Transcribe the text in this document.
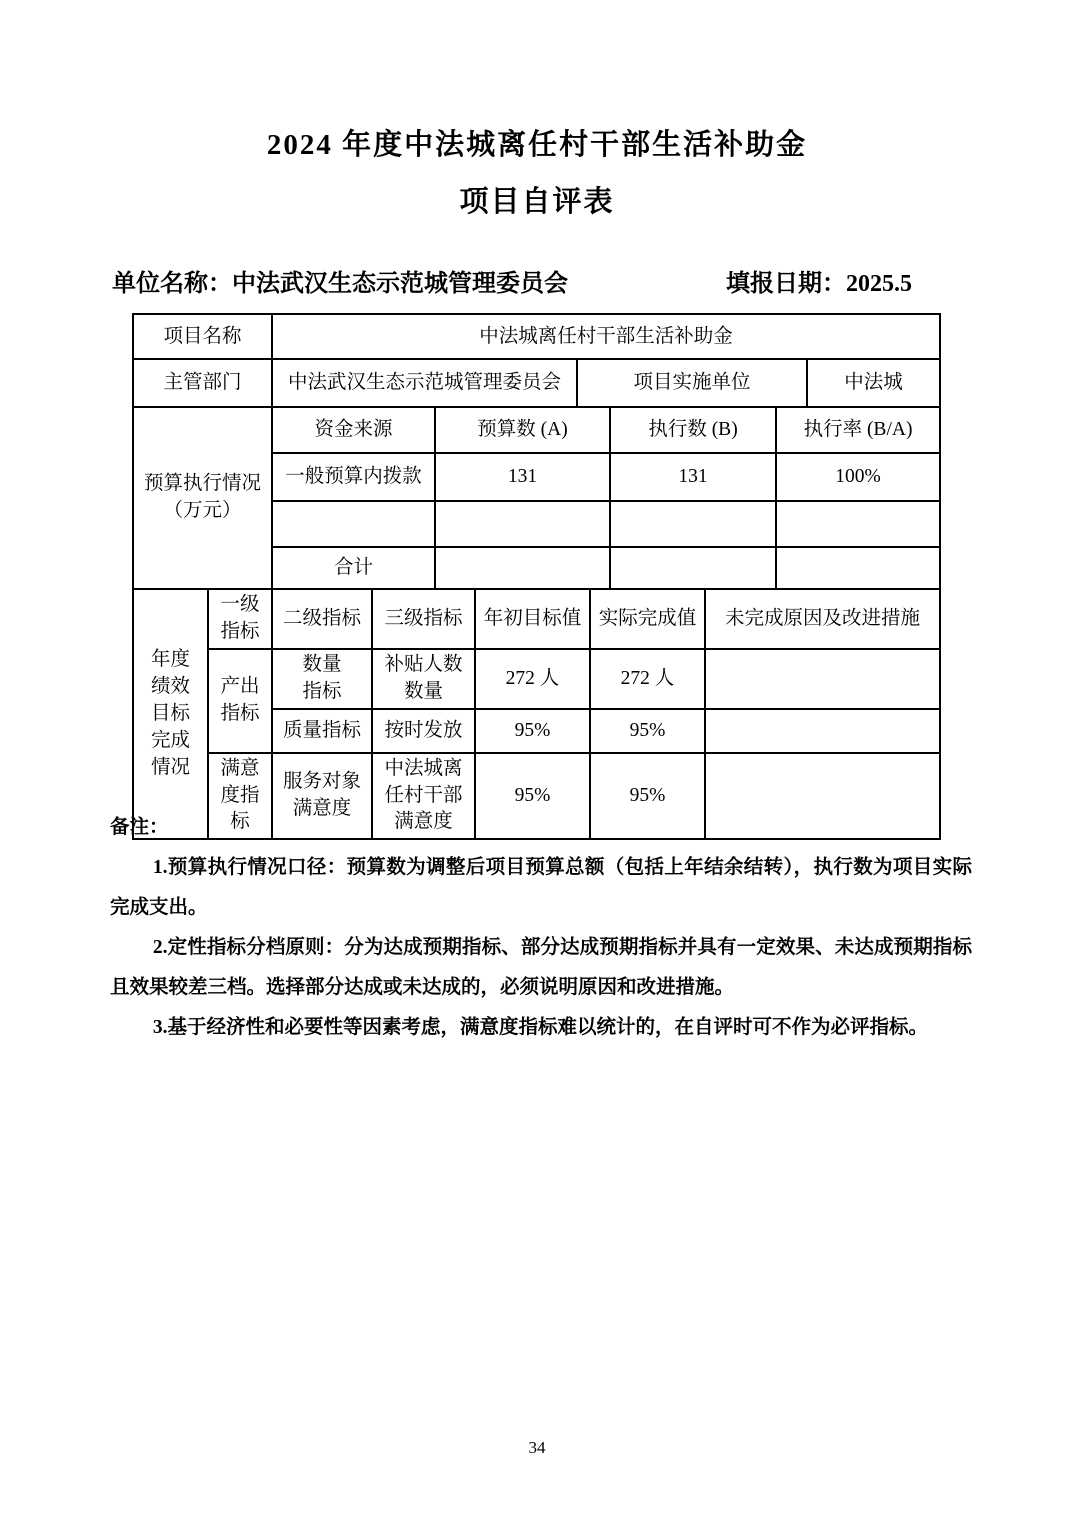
2024 年度中法城离任村干部生活补助金
项目自评表
单位名称：中法武汉生态示范城管理委员会	填报日期：2025.5
项目名称	中法城离任村干部生活补助金
主管部门	中法武汉生态示范城管理委员会	项目实施单位	中法城
预算执行情况（万元）	资金来源	预算数 (A)	执行数 (B)	执行率 (B/A)
	一般预算内拨款	131	131	100%

	合计			
年度绩效目标完成情况	一级指标	二级指标	三级指标	年初目标值	实际完成值	未完成原因及改进措施
	产出指标	数量指标	补贴人数数量	272 人	272 人	
		质量指标	按时发放	95%	95%	
	满意度指标	服务对象满意度	中法城离任村干部满意度	95%	95%	
备注：

1.预算执行情况口径：预算数为调整后项目预算总额（包括上年结余结转），执行数为项目实际完成支出。

2.定性指标分档原则：分为达成预期指标、部分达成预期指标并具有一定效果、未达成预期指标且效果较差三档。选择部分达成或未达成的，必须说明原因和改进措施。

3.基于经济性和必要性等因素考虑，满意度指标难以统计的，在自评时可不作为必评指标。

34
